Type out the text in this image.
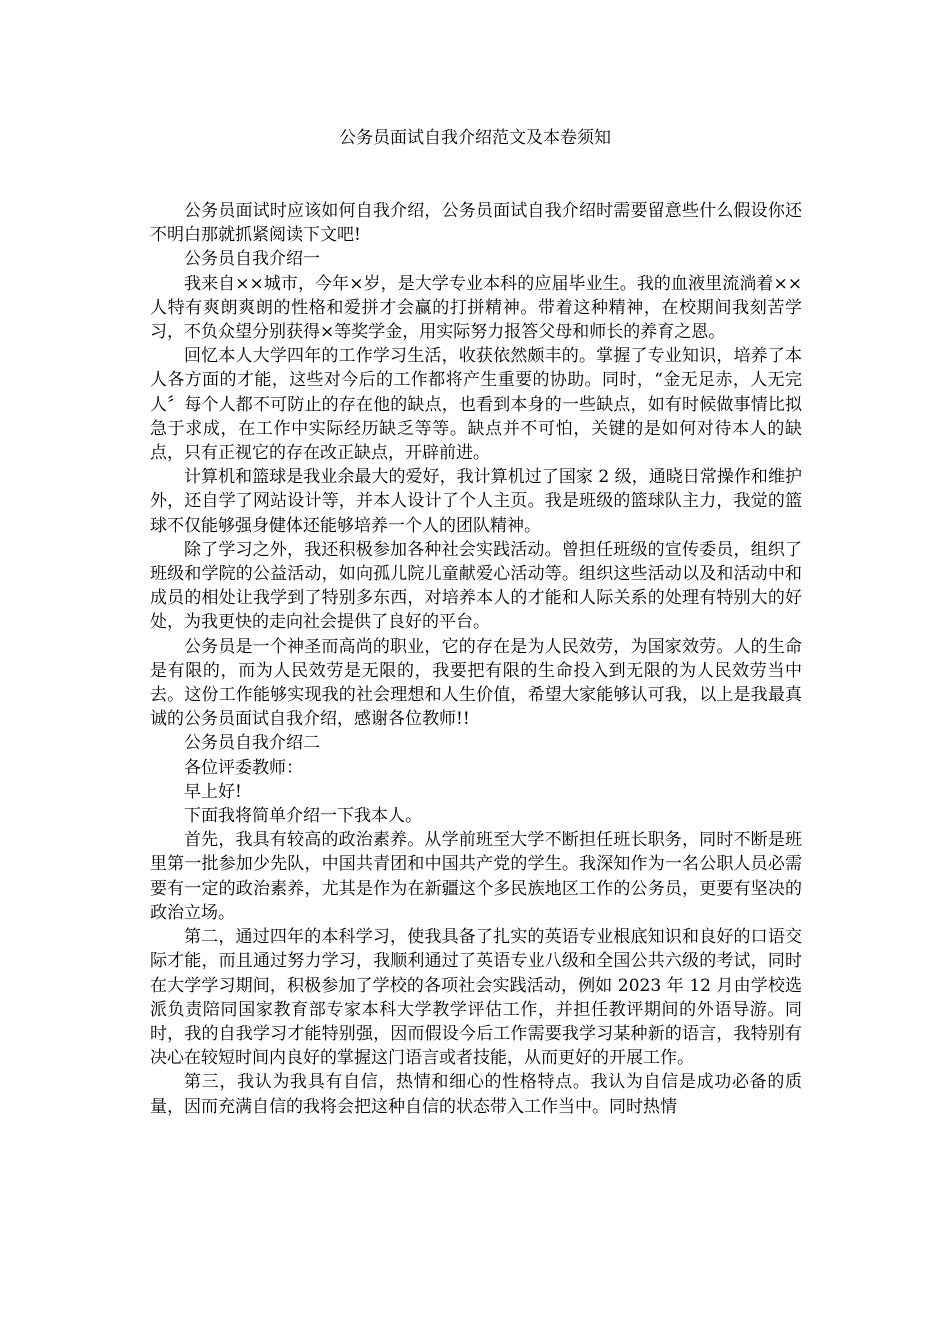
公务员面试自我介绍范文及本卷须知

公务员面试时应该如何自我介绍，公务员面试自我介绍时需要留意些什么假设你还不明白那就抓紧阅读下文吧!

公务员自我介绍一

我来自××城市，今年×岁，是大学专业本科的应届毕业生。我的血液里流淌着××人特有爽朗爽朗的性格和爱拼才会赢的打拼精神。带着这种精神，在校期间我刻苦学习，不负众望分别获得×等奖学金，用实际努力报答父母和师长的养育之恩。

回忆本人大学四年的工作学习生活，收获依然颇丰的。掌握了专业知识，培养了本人各方面的才能，这些对今后的工作都将产生重要的协助。同时，“金无足赤，人无完人〞每个人都不可防止的存在他的缺点，也看到本身的一些缺点，如有时候做事情比拟急于求成，在工作中实际经历缺乏等等。缺点并不可怕，关键的是如何对待本人的缺点，只有正视它的存在改正缺点，开辟前进。

计算机和篮球是我业余最大的爱好，我计算机过了国家 2 级，通晓日常操作和维护外，还自学了网站设计等，并本人设计了个人主页。我是班级的篮球队主力，我觉的篮球不仅能够强身健体还能够培养一个人的团队精神。

除了学习之外，我还积极参加各种社会实践活动。曾担任班级的宣传委员，组织了班级和学院的公益活动，如向孤儿院儿童献爱心活动等。组织这些活动以及和活动中和成员的相处让我学到了特别多东西，对培养本人的才能和人际关系的处理有特别大的好处，为我更快的走向社会提供了良好的平台。

公务员是一个神圣而高尚的职业，它的存在是为人民效劳，为国家效劳。人的生命是有限的，而为人民效劳是无限的，我要把有限的生命投入到无限的为人民效劳当中去。这份工作能够实现我的社会理想和人生价值，希望大家能够认可我，以上是我最真诚的公务员面试自我介绍，感谢各位教师!!

公务员自我介绍二

各位评委教师：

早上好!

下面我将简单介绍一下我本人。

首先，我具有较高的政治素养。从学前班至大学不断担任班长职务，同时不断是班里第一批参加少先队，中国共青团和中国共产党的学生。我深知作为一名公职人员必需要有一定的政治素养，尤其是作为在新疆这个多民族地区工作的公务员，更要有坚决的政治立场。

第二，通过四年的本科学习，使我具备了扎实的英语专业根底知识和良好的口语交际才能，而且通过努力学习，我顺利通过了英语专业八级和全国公共六级的考试，同时在大学学习期间，积极参加了学校的各项社会实践活动，例如 2023 年 12 月由学校选派负责陪同国家教育部专家本科大学教学评估工作，并担任教评期间的外语导游。同时，我的自我学习才能特别强，因而假设今后工作需要我学习某种新的语言，我特别有决心在较短时间内良好的掌握这门语言或者技能，从而更好的开展工作。

第三，我认为我具有自信，热情和细心的性格特点。我认为自信是成功必备的质量，因而充满自信的我将会把这种自信的状态带入工作当中。同时热情
